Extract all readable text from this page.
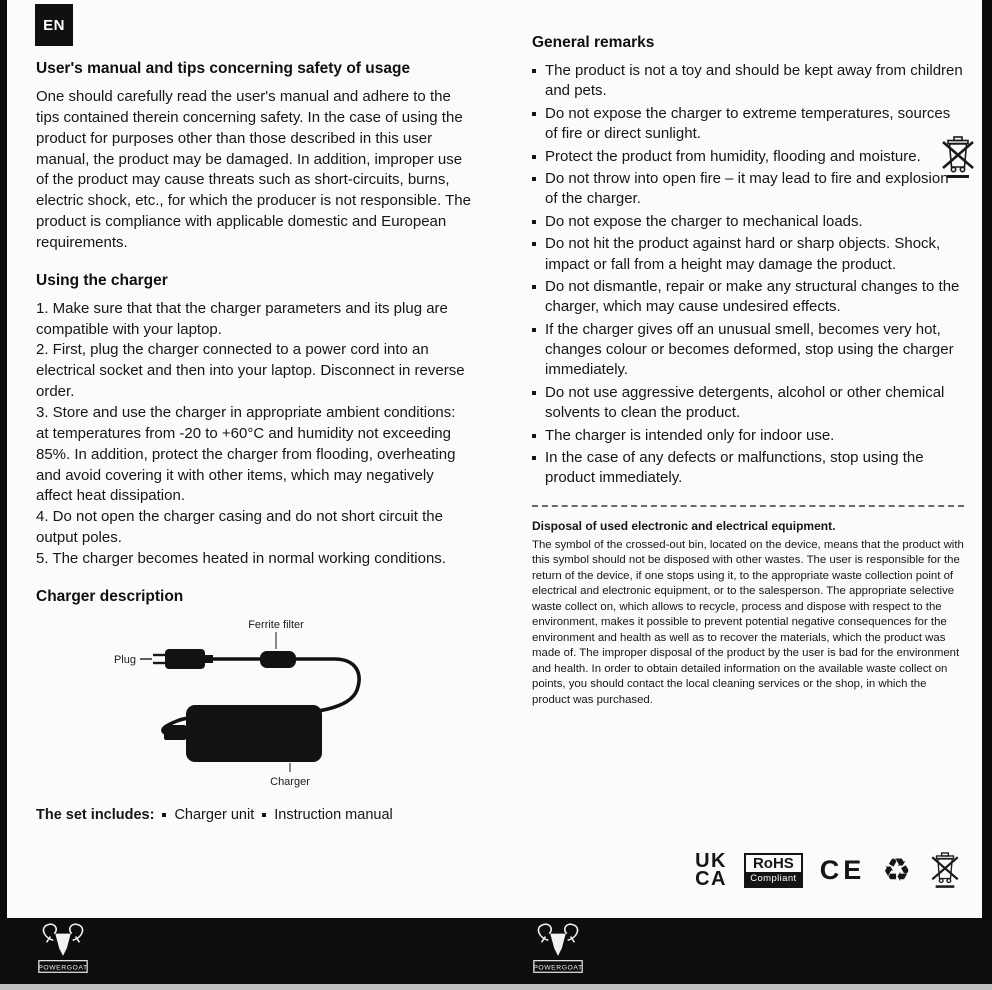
EN
User's manual and tips concerning safety of usage

One should carefully read the user's manual and adhere to the tips contained therein concerning safety. In the case of using the product for purposes other than those described in this user manual, the product may be damaged. In addition, improper use of the product may cause threats such as short-circuits, burns, electric shock, etc., for which the producer is not responsible. The product is compliance with applicable domestic and European requirements.

Using the charger

1. Make sure that that the charger parameters and its plug are compatible with your laptop.

2. First, plug the charger connected to a power cord into an electrical socket and then into your laptop. Disconnect in reverse order.

3. Store and use the charger in appropriate ambient conditions: at temperatures from -20 to +60°C and humidity not exceeding 85%. In addition, protect the charger from flooding, overheating and avoid covering it with other items, which may negatively affect heat dissipation.

4. Do not open the charger casing and do not short circuit the output poles.

5. The charger becomes heated in normal working conditions.

Charger description
Ferrite filter
Plug
Charger

The set includes: Charger unit Instruction manual

General remarks
The product is not a toy and should be kept away from children and pets.
Do not expose the charger to extreme temperatures, sources of fire or direct sunlight.
Protect the product from humidity, flooding and moisture.
Do not throw into open fire – it may lead to fire and explosion of the charger.
Do not expose the charger to mechanical loads.
Do not hit the product against hard or sharp objects. Shock, impact or fall from a height may damage the product.
Do not dismantle, repair or make any structural changes to the charger, which may cause undesired effects.
If the charger gives off an unusual smell, becomes very hot, changes colour or becomes deformed, stop using the charger immediately.
Do not use aggressive detergents, alcohol or other chemical solvents to clean the product.
The charger is intended only for indoor use.
In the case of any defects or malfunctions, stop using the product immediately.

Disposal of used electronic and electrical equipment.

The symbol of the crossed-out bin, located on the device, means that the product with this symbol should not be disposed with other wastes. The user is responsible for the return of the device, if one stops using it, to the appropriate waste collection point of electrical and electronic equipment, or to the salesperson. The appropriate selective waste collect on, which allows to recycle, process and dispose with respect to the environment, makes it possible to prevent potential negative consequences for the environment and health as well as to recover the materials, which the product was made of. The improper disposal of the product by the user is bad for the environment and health. In order to obtain detailed information on the available waste collect on points, you should contact the local cleaning services or the shop, in which the product was purchased.

UK
CA
RoHS
Compliant CE ♻
POWERGOAT	POWERGOAT
